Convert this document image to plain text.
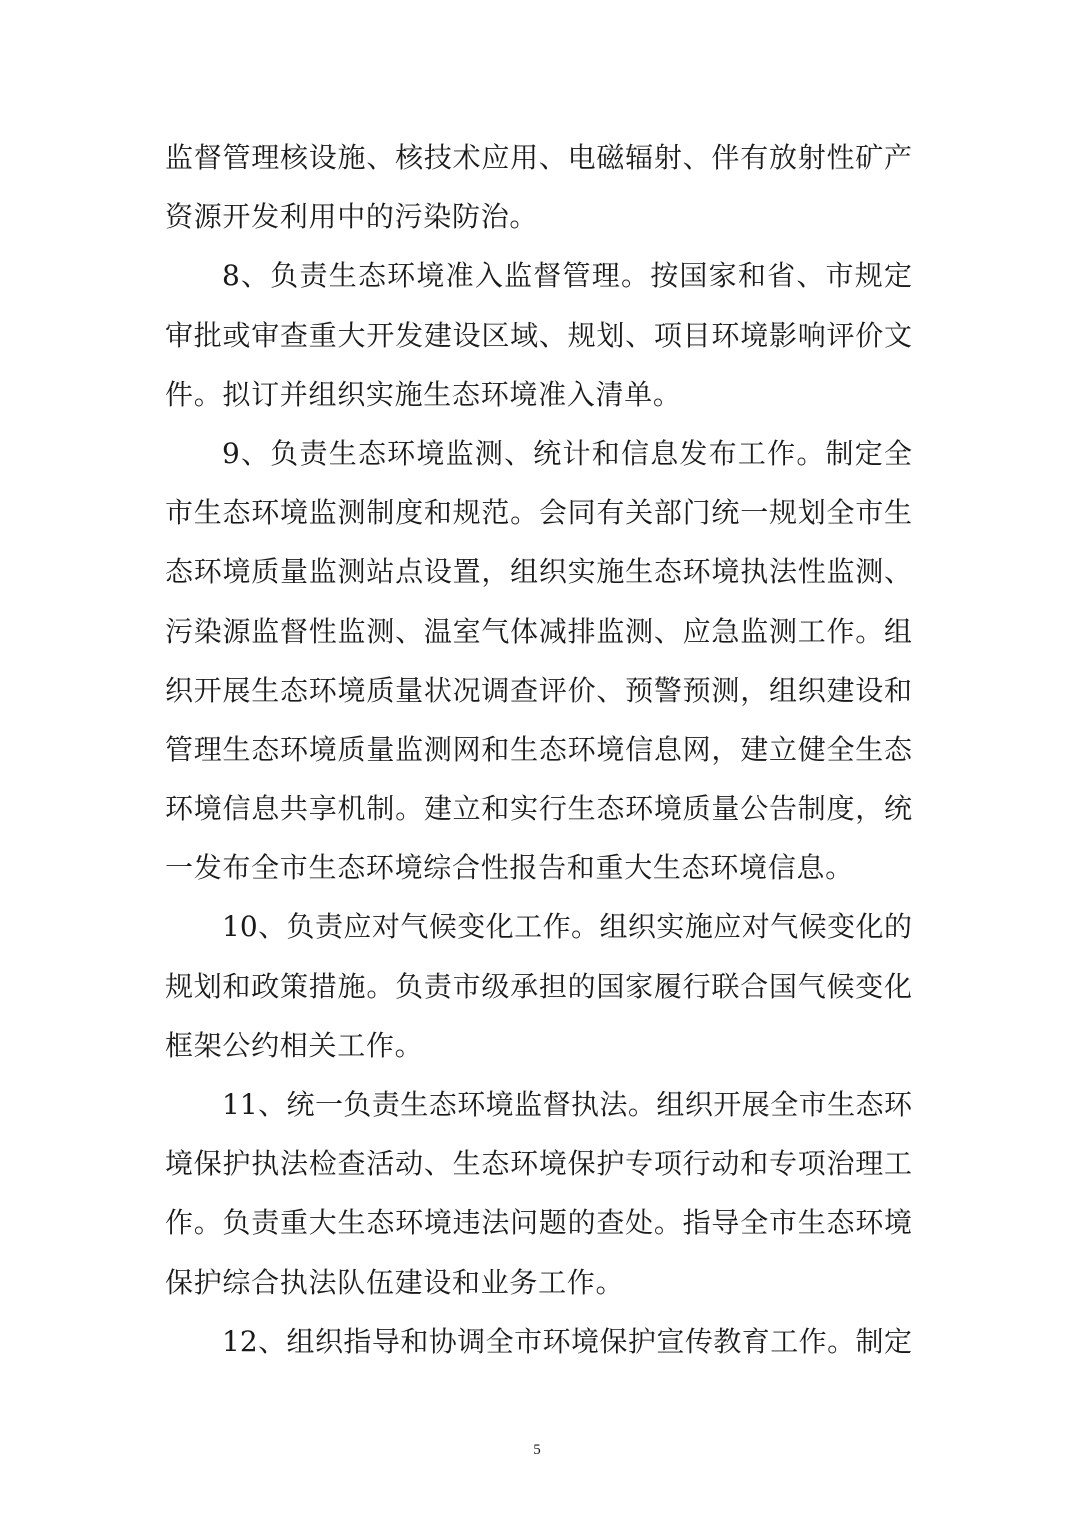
监督管理核设施、核技术应用、电磁辐射、伴有放射性矿产
资源开发利用中的污染防治。
8、负责生态环境准入监督管理。按国家和省、市规定
审批或审查重大开发建设区域、规划、项目环境影响评价文
件。拟订并组织实施生态环境准入清单。
9、负责生态环境监测、统计和信息发布工作。制定全
市生态环境监测制度和规范。会同有关部门统一规划全市生
态环境质量监测站点设置，组织实施生态环境执法性监测、
污染源监督性监测、温室气体减排监测、应急监测工作。组
织开展生态环境质量状况调查评价、预警预测，组织建设和
管理生态环境质量监测网和生态环境信息网，建立健全生态
环境信息共享机制。建立和实行生态环境质量公告制度，统
一发布全市生态环境综合性报告和重大生态环境信息。
10、负责应对气候变化工作。组织实施应对气候变化的
规划和政策措施。负责市级承担的国家履行联合国气候变化
框架公约相关工作。
11、统一负责生态环境监督执法。组织开展全市生态环
境保护执法检查活动、生态环境保护专项行动和专项治理工
作。负责重大生态环境违法问题的查处。指导全市生态环境
保护综合执法队伍建设和业务工作。
12、组织指导和协调全市环境保护宣传教育工作。制定
5
